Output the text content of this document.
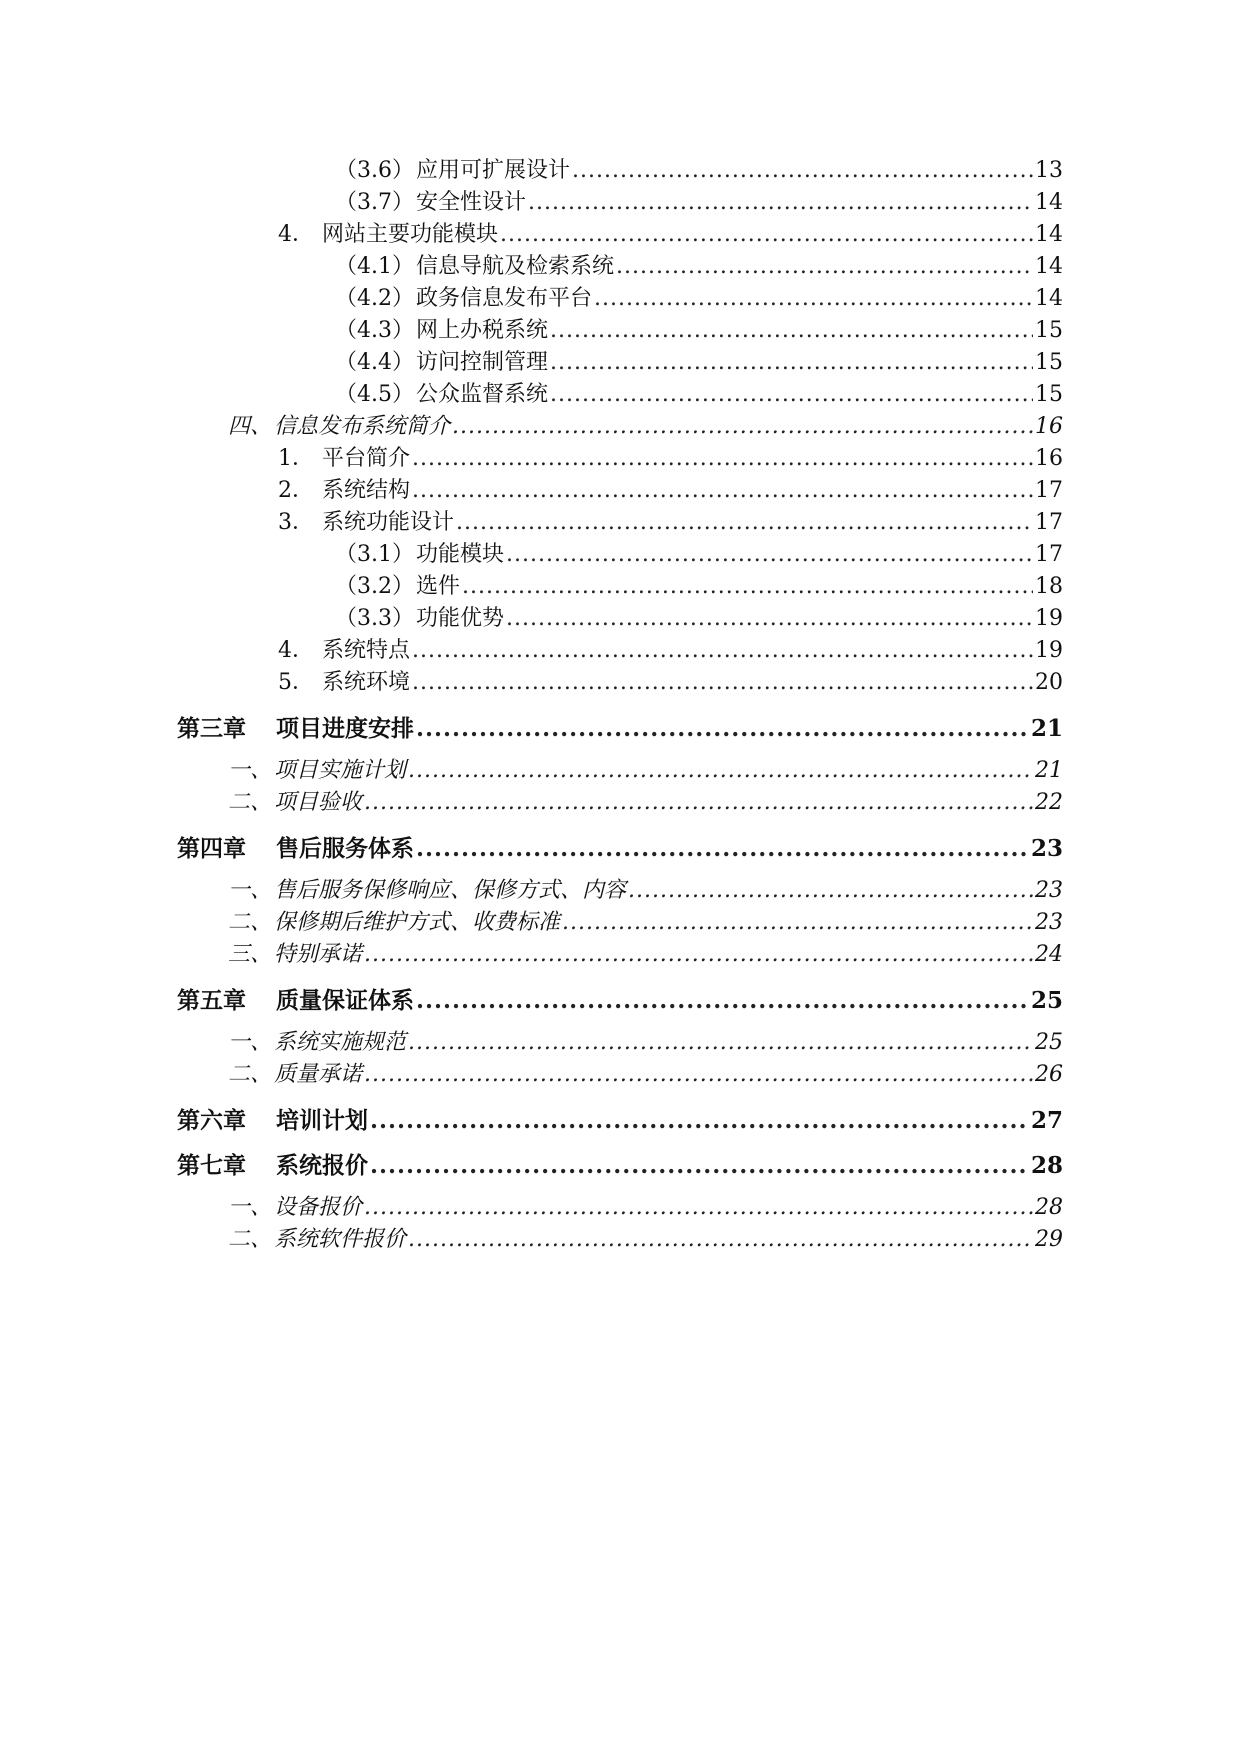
（3.6） 应用可扩展设计 .....	13
（3.7） 安全性设计 .....	14
4． 网站主要功能模块 .....	14
（4.1） 信息导航及检索系统 .....	14
（4.2） 政务信息发布平台 .....	14
（4.3） 网上办税系统 .....	15
（4.4） 访问控制管理 .....	15
（4.5） 公众监督系统 .....	15
四、 信息发布系统简介 .....	16
1． 平台简介 .....	16
2． 系统结构 .....	17
3． 系统功能设计 .....	17
（3.1） 功能模块 .....	17
（3.2） 选件 .....	18
（3.3） 功能优势 .....	19
4． 系统特点 .....	19
5． 系统环境 .....	20
第三章 项目进度安排 .....	21
一、 项目实施计划 .....	21
二、 项目验收 .....	22
第四章 售后服务体系 .....	23
一、 售后服务保修响应、保修方式、内容 .....	23
二、 保修期后维护方式、收费标准 .....	23
三、 特别承诺 .....	24
第五章 质量保证体系 .....	25
一、 系统实施规范 .....	25
二、 质量承诺 .....	26
第六章 培训计划 .....	27
第七章 系统报价 .....	28
一、 设备报价 .....	28
二、 系统软件报价 .....	29
